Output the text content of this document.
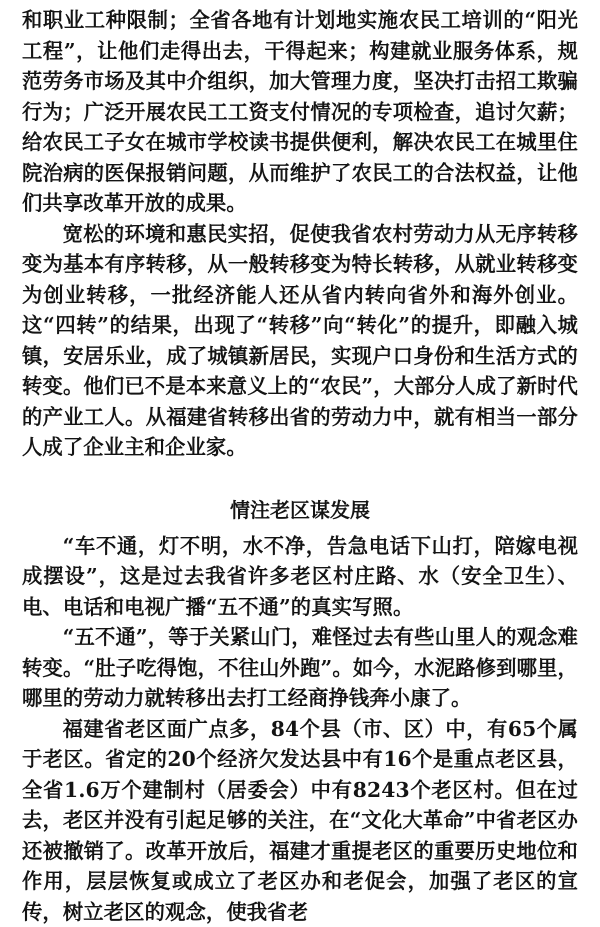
和职业工种限制；全省各地有计划地实施农民工培训的“阳光工程”，让他们走得出去，干得起来；构建就业服务体系，规范劳务市场及其中介组织，加大管理力度，坚决打击招工欺骗行为；广泛开展农民工工资支付情况的专项检查，追讨欠薪；给农民工子女在城市学校读书提供便利，解决农民工在城里住院治病的医保报销问题，从而维护了农民工的合法权益，让他们共享改革开放的成果。

宽松的环境和惠民实招，促使我省农村劳动力从无序转移变为基本有序转移，从一般转移变为特长转移，从就业转移变为创业转移，一批经济能人还从省内转向省外和海外创业。这“四转”的结果，出现了“转移”向“转化”的提升，即融入城镇，安居乐业，成了城镇新居民，实现户口身份和生活方式的转变。他们已不是本来意义上的“农民”，大部分人成了新时代的产业工人。从福建省转移出省的劳动力中，就有相当一部分人成了企业主和企业家。

情注老区谋发展

“车不通，灯不明，水不净，告急电话下山打，陪嫁电视成摆设”，这是过去我省许多老区村庄路、水（安全卫生）、电、电话和电视广播“五不通”的真实写照。

“五不通”，等于关紧山门，难怪过去有些山里人的观念难转变。“肚子吃得饱，不往山外跑”。如今，水泥路修到哪里，哪里的劳动力就转移出去打工经商挣钱奔小康了。

福建省老区面广点多，84个县（市、区）中，有65个属于老区。省定的20个经济欠发达县中有16个是重点老区县，全省1.6万个建制村（居委会）中有8243个老区村。但在过去，老区并没有引起足够的关注，在“文化大革命”中省老区办还被撤销了。改革开放后，福建才重提老区的重要历史地位和作用，层层恢复或成立了老区办和老促会，加强了老区的宣传，树立老区的观念，使我省老
